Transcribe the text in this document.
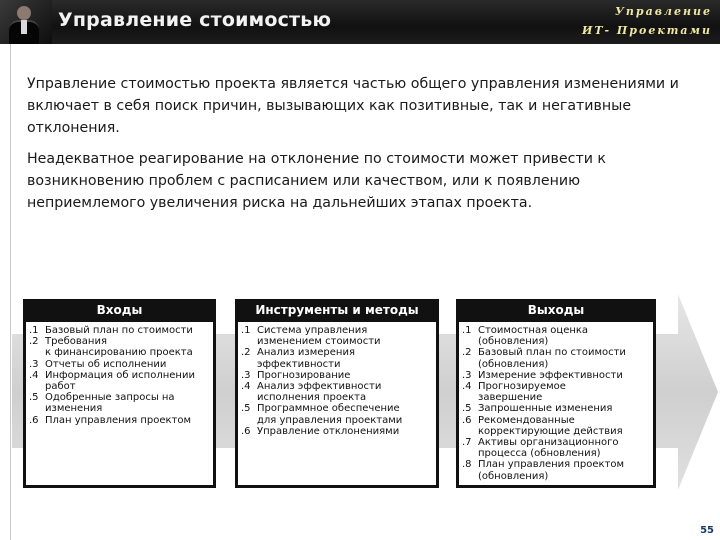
Управление стоимостью	Управление
ИТ- Проектами
Управление стоимостью проекта является частью общего управления изменениями и включает в себя поиск причин, вызывающих как позитивные, так и негативные отклонения.
Неадекватное реагирование на отклонение по стоимости может привести к возникновению проблем с расписанием или качеством, или к появлению неприемлемого увеличения риска на дальнейших этапах проекта.
Входы
.1 Базовый план по стоимости
.2 Требования
к финансированию проекта
.3 Отчеты об исполнении
.4 Информация об исполнении
работ
.5 Одобренные запросы на
изменения
.6 План управления проектом
Инструменты и методы
.1 Система управления
изменением стоимости
.2 Анализ измерения
эффективности
.3 Прогнозирование
.4 Анализ эффективности
исполнения проекта
.5 Программное обеспечение
для управления проектами
.6 Управление отклонениями
Выходы
.1 Стоимостная оценка
(обновления)
.2 Базовый план по стоимости
(обновления)
.3 Измерение эффективности
.4 Прогнозируемое
завершение
.5 Запрошенные изменения
.6 Рекомендованные
корректирующие действия
.7 Активы организационного
процесса (обновления)
.8 План управления проектом
(обновления)
55
